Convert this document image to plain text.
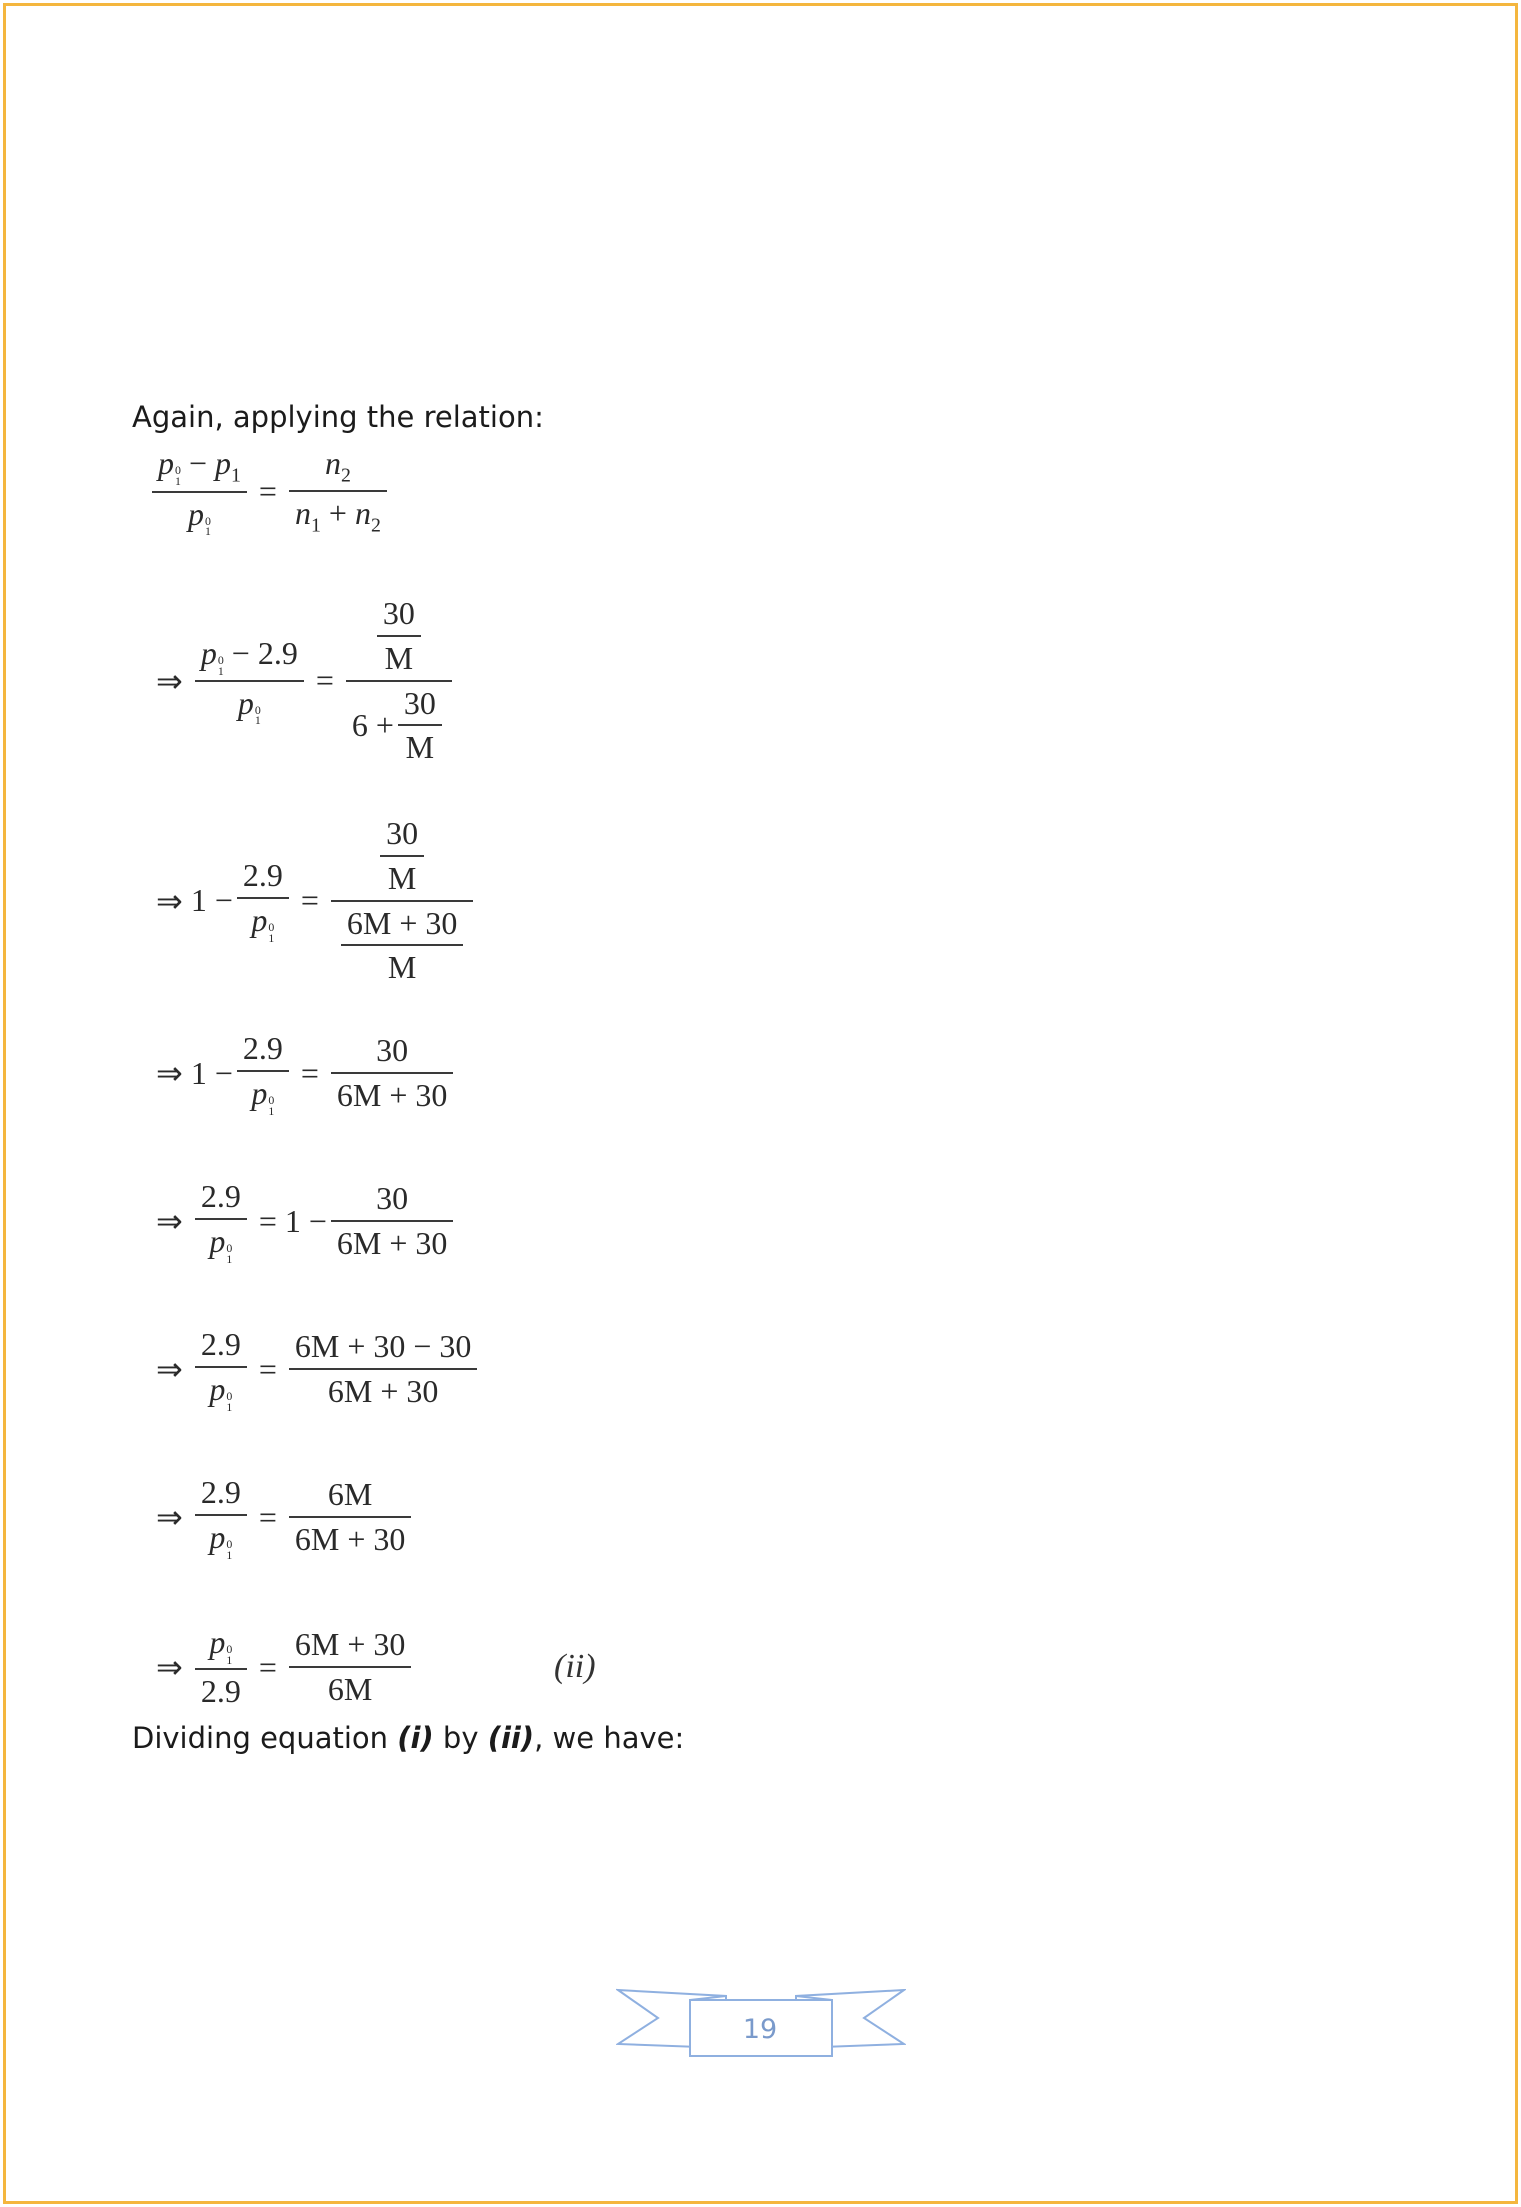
Again, applying the relation:
p 0
$1 - p_1$
p 0
$1 = \frac{n_2}{n_1 + n_2}$
⇒ p 0
1 − 2.9
p 0
$1 = \frac{\frac{30}{M}}{6 + \frac{30}{M}}$
⇒ 1 − 2.9
p 0
$1 = \frac{\frac{30}{M}}{\frac{6M + 30}{M}}$
⇒ 1 − 2.9
p 0
$1 = \frac{30}{6M + 30}$
⇒ 2.9
p 0
$1 = 1 - \frac{30}{6M + 30}$
⇒ 2.9
p 0
$1 = \frac{6M + 30 - 30}{6M + 30}$
⇒ 2.9
p 0
$1 = \frac{6M}{6M + 30}$
⇒ p 0
1
$2.9 = \frac{6M + 30}{6M}$	(ii)
Dividing equation (i) by (ii), we have:
19
